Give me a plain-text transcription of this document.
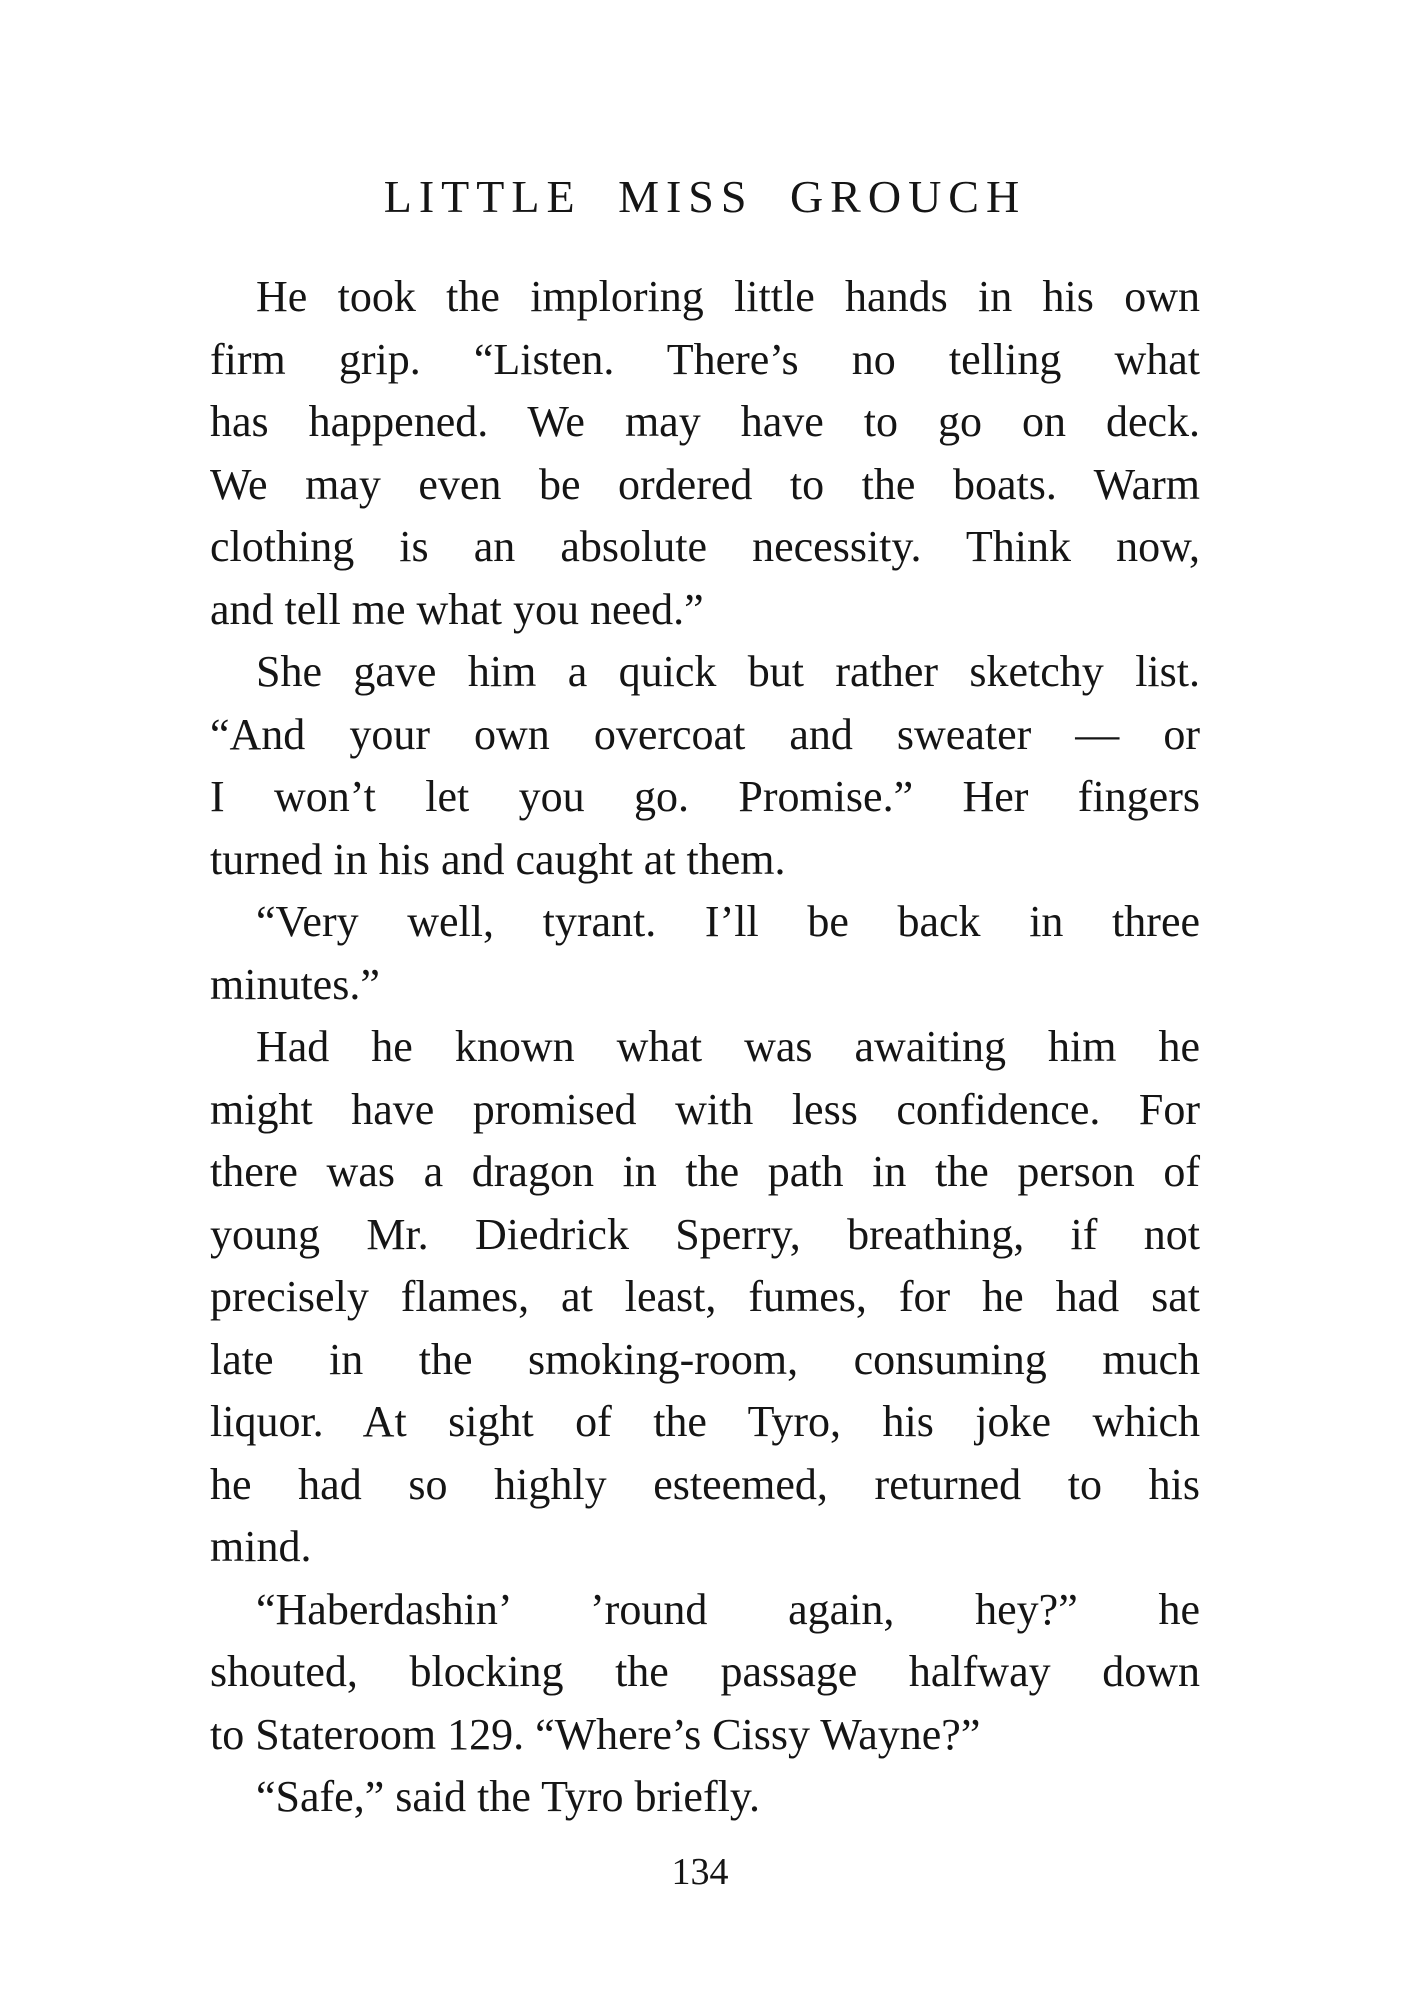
LITTLE MISS GROUCH
He took the imploring little hands in his own
firm grip. “Listen. There’s no telling what
has happened. We may have to go on deck.
We may even be ordered to the boats. Warm
clothing is an absolute necessity. Think now,
and tell me what you need.”
She gave him a quick but rather sketchy list.
“And your own overcoat and sweater — or
I won’t let you go. Promise.” Her fingers
turned in his and caught at them.
“Very well, tyrant. I’ll be back in three
minutes.”
Had he known what was awaiting him he
might have promised with less confidence. For
there was a dragon in the path in the person of
young Mr. Diedrick Sperry, breathing, if not
precisely flames, at least, fumes, for he had sat
late in the smoking-room, consuming much
liquor. At sight of the Tyro, his joke which
he had so highly esteemed, returned to his
mind.
“Haberdashin’ ’round again, hey?” he
shouted, blocking the passage halfway down
to Stateroom 129. “Where’s Cissy Wayne?”
“Safe,” said the Tyro briefly.
134
